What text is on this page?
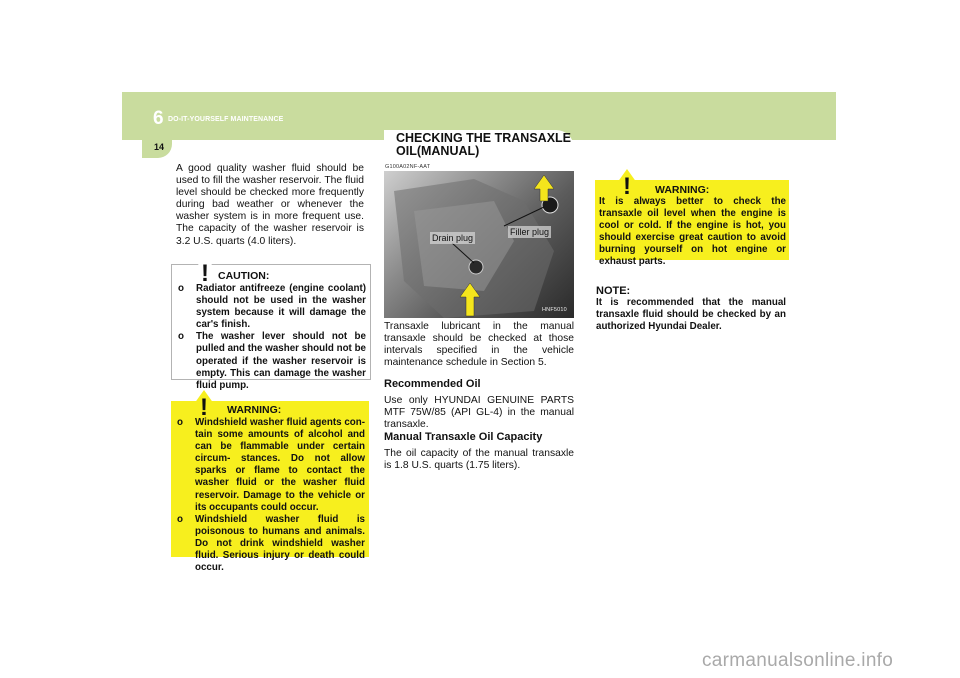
6 DO-IT-YOURSELF MAINTENANCE
14
A good quality washer fluid should be used to fill the washer reservoir. The fluid level should be checked more frequently during bad weather or whenever the washer system is in more frequent use. The capacity of the washer reservoir is 3.2 U.S. quarts (4.0 liters).
! CAUTION:
o Radiator antifreeze (engine coolant) should not be used in the washer system because it will damage the car's finish.
o The washer lever should not be pulled and the washer should not be operated if the washer reservoir is empty. This can damage the washer fluid pump.
! WARNING:
o Windshield washer fluid agents con- tain some amounts of alcohol and can be flammable under certain circum- stances. Do not allow sparks or flame to contact the washer fluid or the washer fluid reservoir. Damage to the vehicle or its occupants could occur.
o Windshield washer fluid is poisonous to humans and animals. Do not drink windshield washer fluid. Serious injury or death could occur.
CHECKING THE TRANSAXLE OIL(MANUAL)
G100A02NF-AAT
Drain plug
Filler plug
HNF5010
Transaxle lubricant in the manual transaxle should be checked at those intervals specified in the vehicle maintenance schedule in Section 5.
Recommended Oil
Use only HYUNDAI GENUINE PARTS MTF 75W/85 (API GL-4) in the manual transaxle.
Manual Transaxle Oil Capacity
The oil capacity of the manual transaxle is 1.8 U.S. quarts (1.75 liters).
! WARNING:
It is always better to check the transaxle oil level when the engine is cool or cold. If the engine is hot, you should exercise great caution to avoid burning yourself on hot engine or exhaust parts.
NOTE:
It is recommended that the manual transaxle fluid should be checked by an authorized Hyundai Dealer.
carmanualsonline.info
